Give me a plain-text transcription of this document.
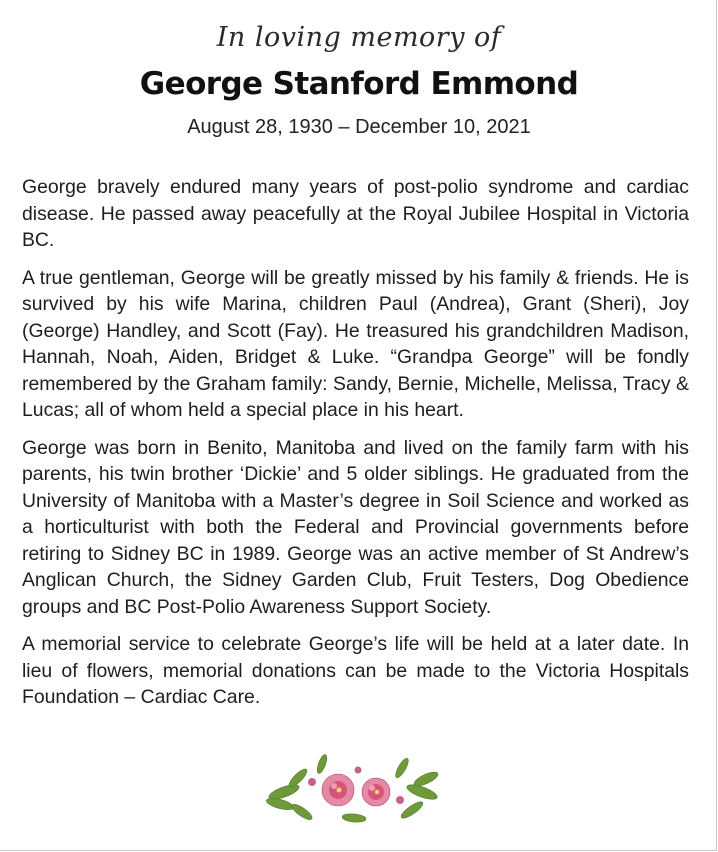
In loving memory of
George Stanford Emmond
August 28, 1930 – December 10, 2021

George bravely endured many years of post-polio syndrome and cardiac disease. He passed away peacefully at the Royal Jubilee Hospital in Victoria BC.

A true gentleman, George will be greatly missed by his family & friends. He is survived by his wife Marina, children Paul (Andrea), Grant (Sheri), Joy (George) Handley, and Scott (Fay). He treasured his grandchildren Madison, Hannah, Noah, Aiden, Bridget & Luke. “Grandpa George” will be fondly remembered by the Graham family: Sandy, Bernie, Michelle, Melissa, Tracy & Lucas; all of whom held a special place in his heart.

George was born in Benito, Manitoba and lived on the family farm with his parents, his twin brother ‘Dickie’ and 5 older siblings. He graduated from the University of Manitoba with a Master’s degree in Soil Science and worked as a horticulturist with both the Federal and Provincial governments before retiring to Sidney BC in 1989. George was an active member of St Andrew’s Anglican Church, the Sidney Garden Club, Fruit Testers, Dog Obedience groups and BC Post-Polio Awareness Support Society.

A memorial service to celebrate George’s life will be held at a later date. In lieu of flowers, memorial donations can be made to the Victoria Hospitals Foundation – Cardiac Care.
